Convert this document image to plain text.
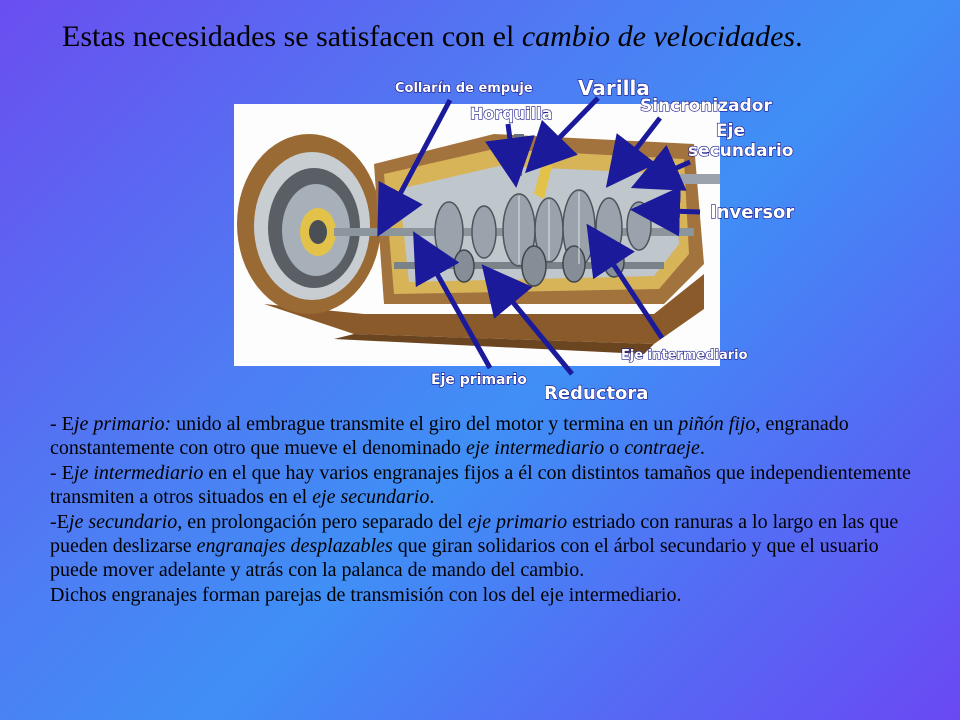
Estas necesidades se satisfacen con el cambio de velocidades.
Collarín de empuje Varilla
Horquilla	Sincronizador
Eje
secundario
Inversor
Eje intermediario
Eje primario
Reductora

- Eje primario: unido al embrague transmite el giro del motor y termina en un piñón fijo, engranado constantemente con otro que mueve el denominado eje intermediario o contraeje.

- Eje intermediario en el que hay varios engranajes fijos a él con distintos tamaños que independientemente transmiten a otros situados en el eje secundario.

-Eje secundario, en prolongación pero separado del eje primario estriado con ranuras a lo largo en las que pueden deslizarse engranajes desplazables que giran solidarios con el árbol secundario y que el usuario puede mover adelante y atrás con la palanca de mando del cambio.

Dichos engranajes forman parejas de transmisión con los del eje intermediario.
